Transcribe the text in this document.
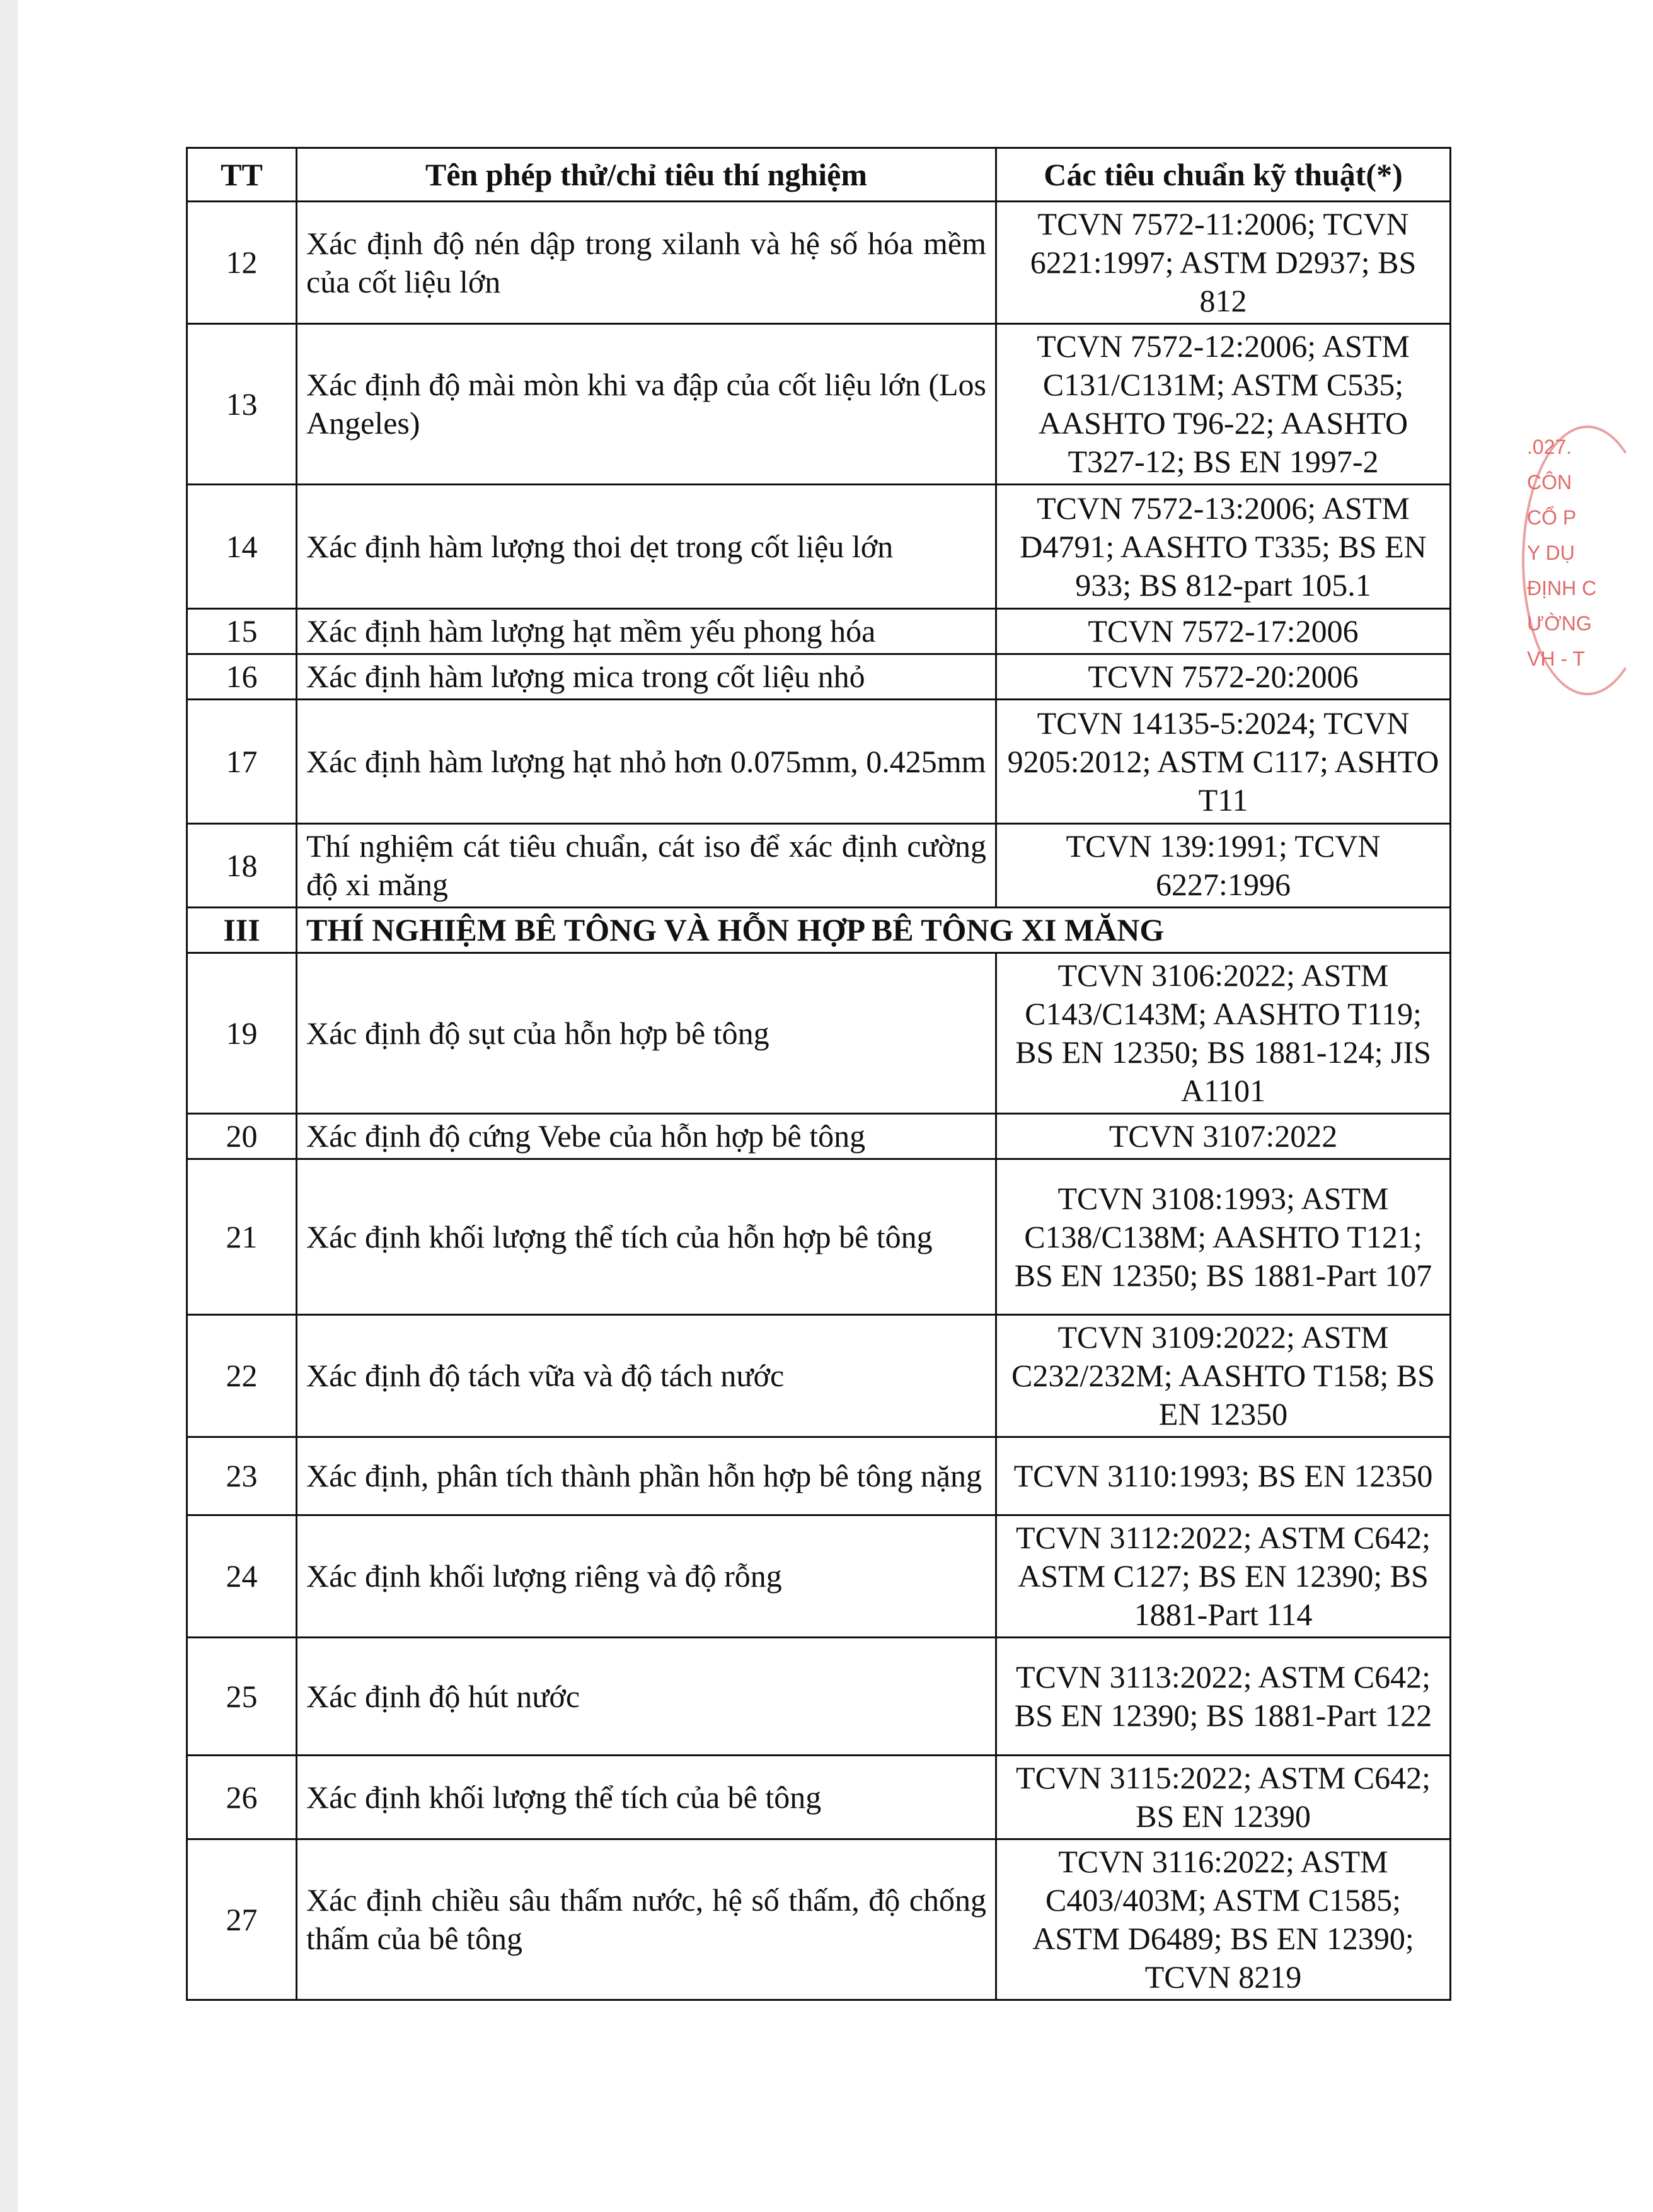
TT	Tên phép thử/chỉ tiêu thí nghiệm	Các tiêu chuẩn kỹ thuật(*)
12	Xác định độ nén dập trong xilanh và hệ số hóa mềm của cốt liệu lớn	TCVN 7572-11:2006; TCVN 6221:1997; ASTM D2937; BS 812
13	Xác định độ mài mòn khi va đập của cốt liệu lớn (Los Angeles)	TCVN 7572-12:2006; ASTM C131/C131M; ASTM C535; AASHTO T96-22; AASHTO T327-12; BS EN 1997-2
14	Xác định hàm lượng thoi dẹt trong cốt liệu lớn	TCVN 7572-13:2006; ASTM D4791; AASHTO T335; BS EN 933; BS 812-part 105.1
15	Xác định hàm lượng hạt mềm yếu phong hóa	TCVN 7572-17:2006
16	Xác định hàm lượng mica trong cốt liệu nhỏ	TCVN 7572-20:2006
17	Xác định hàm lượng hạt nhỏ hơn 0.075mm, 0.425mm	TCVN 14135-5:2024; TCVN 9205:2012; ASTM C117; ASHTO T11
18	Thí nghiệm cát tiêu chuẩn, cát iso để xác định cường độ xi măng	TCVN 139:1991; TCVN 6227:1996
III	THÍ NGHIỆM BÊ TÔNG VÀ HỖN HỢP BÊ TÔNG XI MĂNG	
19	Xác định độ sụt của hỗn hợp bê tông	TCVN 3106:2022; ASTM C143/C143M; AASHTO T119; BS EN 12350; BS 1881-124; JIS A1101
20	Xác định độ cứng Vebe của hỗn hợp bê tông	TCVN 3107:2022
21	Xác định khối lượng thể tích của hỗn hợp bê tông	TCVN 3108:1993; ASTM C138/C138M; AASHTO T121; BS EN 12350; BS 1881-Part 107
22	Xác định độ tách vữa và độ tách nước	TCVN 3109:2022; ASTM C232/232M; AASHTO T158; BS EN 12350
23	Xác định, phân tích thành phần hỗn hợp bê tông nặng	TCVN 3110:1993; BS EN 12350
24	Xác định khối lượng riêng và độ rỗng	TCVN 3112:2022; ASTM C642; ASTM C127; BS EN 12390; BS 1881-Part 114
25	Xác định độ hút nước	TCVN 3113:2022; ASTM C642; BS EN 12390; BS 1881-Part 122
26	Xác định khối lượng thể tích của bê tông	TCVN 3115:2022; ASTM C642; BS EN 12390
27	Xác định chiều sâu thấm nước, hệ số thấm, độ chống thấm của bê tông	TCVN 3116:2022; ASTM C403/403M; ASTM C1585; ASTM D6489; BS EN 12390; TCVN 8219
.027.
CÔN
CỔ P
Y DỤ
ĐỊNH C
ƯỜNG
VH - T
